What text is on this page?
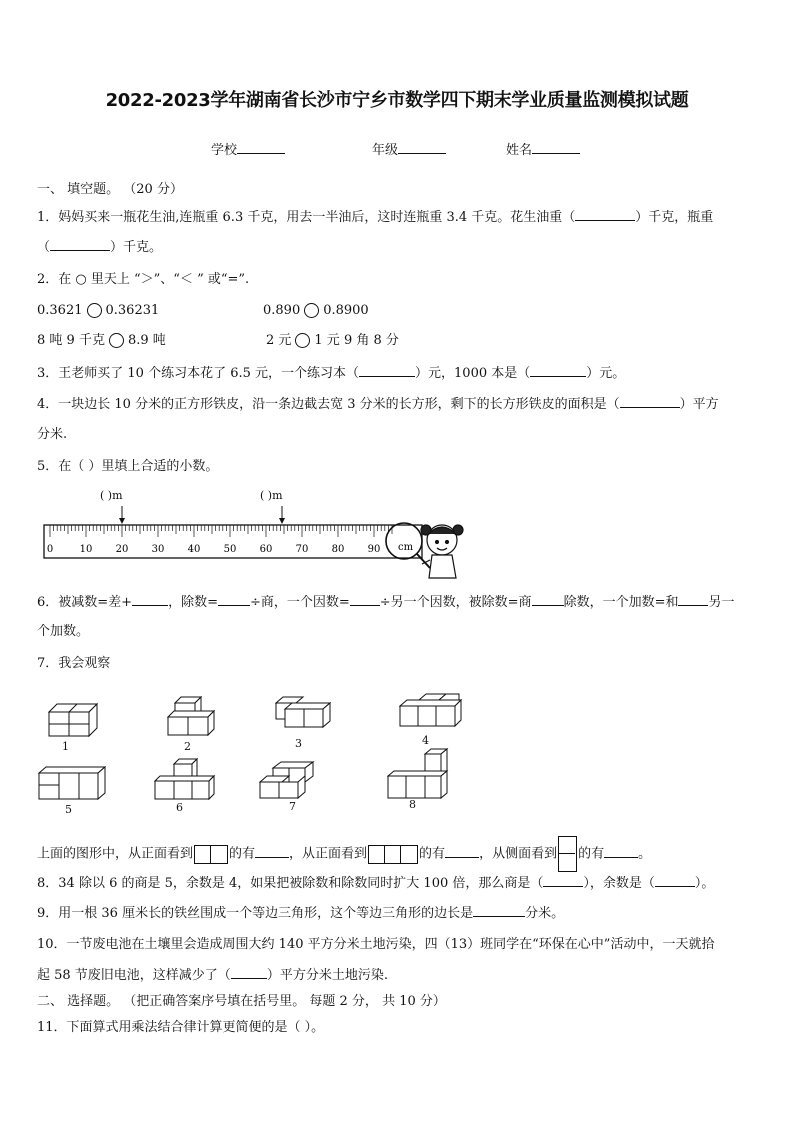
2022-2023学年湖南省长沙市宁乡市数学四下期末学业质量监测模拟试题
学校	年级	姓名
一、 填空题。 （20 分）
1．妈妈买来一瓶花生油,连瓶重 6.3 千克，用去一半油后，这时连瓶重 3.4 千克。花生油重（	）千克，瓶重
（	）千克。
2．在 ○ 里天上 “＞”、“＜ ” 或“=”.
0.3621 0.36231	0.890 0.8900
8 吨 9 千克 8.9 吨	2 元 1 元 9 角 8 分
3．王老师买了 10 个练习本花了 6.5 元，一个练习本（	）元，1000 本是（	）元。
4．一块边长 10 分米的正方形铁皮，沿一条边截去宽 3 分米的长方形，剩下的长方形铁皮的面积是（	）平方
分米.
5．在（ ）里填上合适的小数。
( )m	( )m
0	10 20 30 40 50 60 70 80 90 cm
6．被减数=差+	，除数= ÷商，一个因数= ÷另一个因数，被除数=商 除数，一个加数=和 另一
个加数。
7．我会观察
1	2	3	4
5	6	7	8
上面的图形中，从正面看到	的有	，从正面看到	的有	，从侧面看到 的有	。
8．34 除以 6 的商是 5，余数是 4，如果把被除数和除数同时扩大 100 倍，那么商是（	），余数是（	）。
9．用一根 36 厘米长的铁丝围成一个等边三角形，这个等边三角形的边长是	分米。
10．一节废电池在土壤里会造成周围大约 140 平方分米土地污染，四（13）班同学在“环保在心中”活动中，一天就拾
起 58 节废旧电池，这样减少了（	）平方分米土地污染.
二、 选择题。 （把正确答案序号填在括号里。 每题 2 分， 共 10 分）
11．下面算式用乘法结合律计算更简便的是（ ）。
